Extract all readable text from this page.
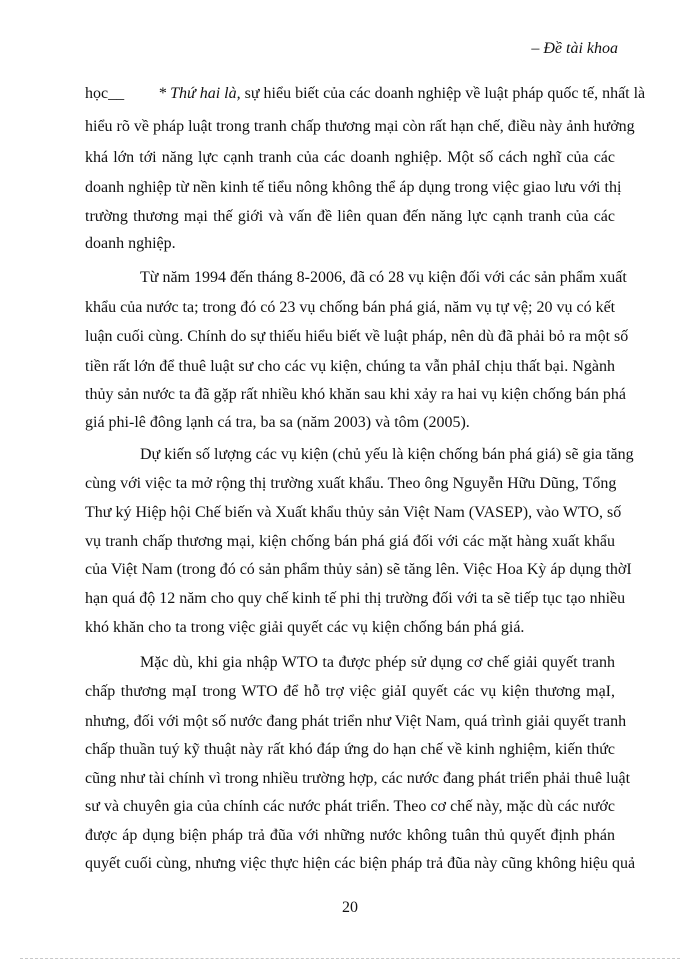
– Đề tài khoa
học__ * Thứ hai là, sự hiểu biết của các doanh nghiệp về luật pháp quốc tế, nhất là
hiểu rõ về pháp luật trong tranh chấp thương mại còn rất hạn chế, điều này ảnh hưởng
khá lớn tới năng lực cạnh tranh của các doanh nghiệp. Một số cách nghĩ của các
doanh nghiệp từ nền kinh tế tiểu nông không thể áp dụng trong việc giao lưu với thị
trường thương mại thế giới và vấn đề liên quan đến năng lực cạnh tranh của các
doanh nghiệp.
Từ năm 1994 đến tháng 8-2006, đã có 28 vụ kiện đối với các sản phẩm xuất
khẩu của nước ta; trong đó có 23 vụ chống bán phá giá, năm vụ tự vệ; 20 vụ có kết
luận cuối cùng. Chính do sự thiếu hiểu biết về luật pháp, nên dù đã phải bỏ ra một số
tiền rất lớn để thuê luật sư cho các vụ kiện, chúng ta vẫn phảI chịu thất bại. Ngành
thủy sản nước ta đã gặp rất nhiều khó khăn sau khi xảy ra hai vụ kiện chống bán phá
giá phi-lê đông lạnh cá tra, ba sa (năm 2003) và tôm (2005).
Dự kiến số lượng các vụ kiện (chủ yếu là kiện chống bán phá giá) sẽ gia tăng
cùng với việc ta mở rộng thị trường xuất khẩu. Theo ông Nguyễn Hữu Dũng, Tổng
Thư ký Hiệp hội Chế biến và Xuất khẩu thủy sản Việt Nam (VASEP), vào WTO, số
vụ tranh chấp thương mại, kiện chống bán phá giá đối với các mặt hàng xuất khẩu
của Việt Nam (trong đó có sản phẩm thủy sản) sẽ tăng lên. Việc Hoa Kỳ áp dụng thờI
hạn quá độ 12 năm cho quy chế kinh tế phi thị trường đối với ta sẽ tiếp tục tạo nhiều
khó khăn cho ta trong việc giải quyết các vụ kiện chống bán phá giá.
Mặc dù, khi gia nhập WTO ta được phép sử dụng cơ chế giải quyết tranh
chấp thương mạI trong WTO để hỗ trợ việc giảI quyết các vụ kiện thương mạI,
nhưng, đối với một số nước đang phát triển như Việt Nam, quá trình giải quyết tranh
chấp thuần tuý kỹ thuật này rất khó đáp ứng do hạn chế về kinh nghiệm, kiến thức
cũng như tài chính vì trong nhiều trường hợp, các nước đang phát triển phải thuê luật
sư và chuyên gia của chính các nước phát triển. Theo cơ chế này, mặc dù các nước
được áp dụng biện pháp trả đũa với những nước không tuân thủ quyết định phán
quyết cuối cùng, nhưng việc thực hiện các biện pháp trả đũa này cũng không hiệu quả
20
